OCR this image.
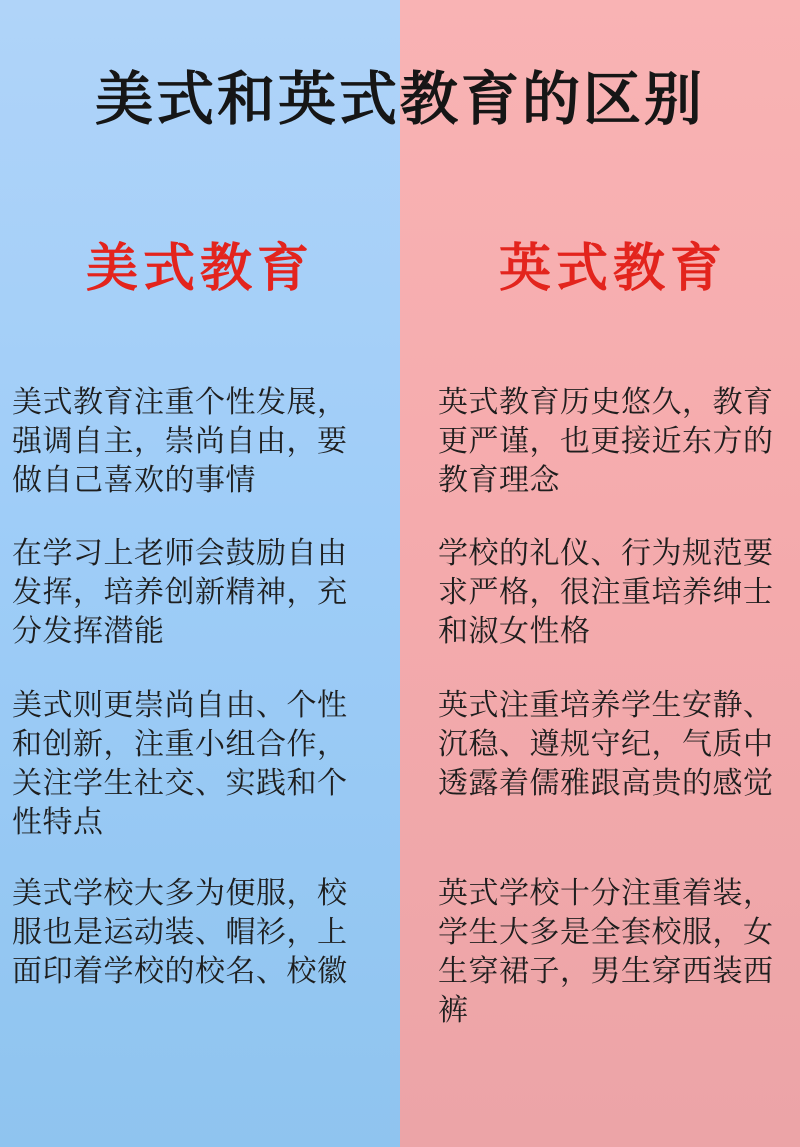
美式教育

美式教育注重个性发展，强调自主，崇尚自由，要做自己喜欢的事情

在学习上老师会鼓励自由发挥，培养创新精神，充分发挥潜能

美式则更崇尚自由、个性和创新，注重小组合作，关注学生社交、实践和个性特点

美式学校大多为便服，校服也是运动装、帽衫，上面印着学校的校名、校徽

英式教育

英式教育历史悠久，教育更严谨，也更接近东方的教育理念

学校的礼仪、行为规范要求严格，很注重培养绅士和淑女性格

英式注重培养学生安静、沉稳、遵规守纪，气质中透露着儒雅跟高贵的感觉

英式学校十分注重着装，学生大多是全套校服，女生穿裙子，男生穿西装西裤

美式和英式教育的区别
